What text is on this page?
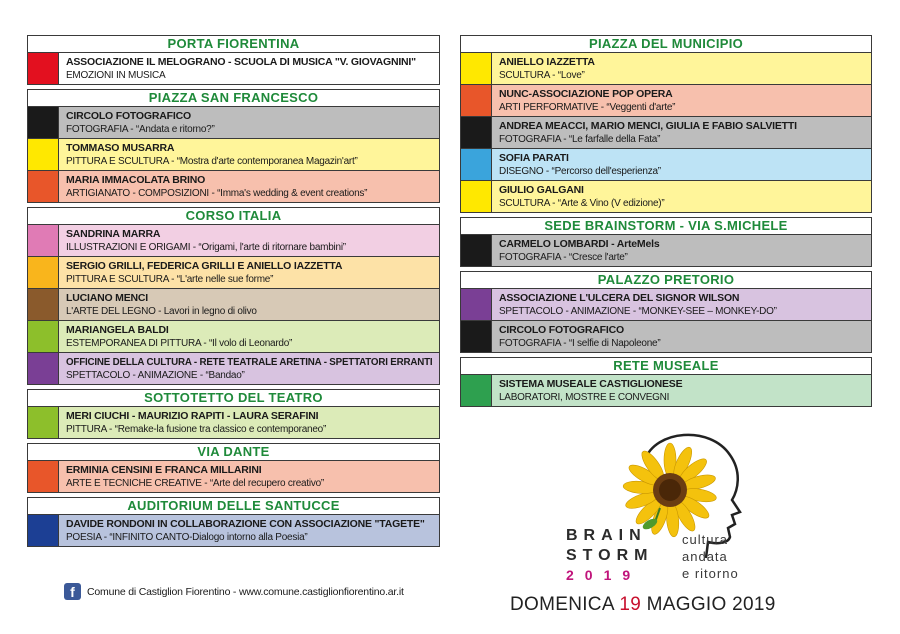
PORTA FIORENTINA
ASSOCIAZIONE IL MELOGRANO - SCUOLA DI MUSICA "V. GIOVAGNINI"
EMOZIONI IN MUSICA
PIAZZA SAN FRANCESCO
CIRCOLO FOTOGRAFICO
FOTOGRAFIA - “Andata e ritorno?”
TOMMASO MUSARRA
PITTURA E SCULTURA - “Mostra d'arte contemporanea Magazin'art”
MARIA IMMACOLATA BRINO
ARTIGIANATO - COMPOSIZIONI - “Imma's wedding & event creations”
CORSO ITALIA
SANDRINA MARRA
ILLUSTRAZIONI E ORIGAMI - “Origami, l'arte di ritornare bambini”
SERGIO GRILLI, FEDERICA GRILLI E ANIELLO IAZZETTA
PITTURA E SCULTURA - “L'arte nelle sue forme”
LUCIANO MENCI
L'ARTE DEL LEGNO - Lavori in legno di olivo
MARIANGELA BALDI
ESTEMPORANEA DI PITTURA - “Il volo di Leonardo”
OFFICINE DELLA CULTURA - RETE TEATRALE ARETINA - SPETTATORI ERRANTI
SPETTACOLO - ANIMAZIONE - “Bandao”
SOTTOTETTO DEL TEATRO
MERI CIUCHI - MAURIZIO RAPITI - LAURA SERAFINI
PITTURA - “Remake-la fusione tra classico e contemporaneo”
VIA DANTE
ERMINIA CENSINI E FRANCA MILLARINI
ARTE E TECNICHE CREATIVE - “Arte del recupero creativo”
AUDITORIUM DELLE SANTUCCE
DAVIDE RONDONI IN COLLABORAZIONE CON ASSOCIAZIONE "TAGETE"
POESIA - “INFINITO CANTO-Dialogo intorno alla Poesia”
PIAZZA DEL MUNICIPIO
ANIELLO IAZZETTA
SCULTURA - “Love”
NUNC-ASSOCIAZIONE POP OPERA
ARTI PERFORMATIVE - “Veggenti d'arte”
ANDREA MEACCI, MARIO MENCI, GIULIA E FABIO SALVIETTI
FOTOGRAFIA - “Le farfalle della Fata”
SOFIA PARATI
DISEGNO - “Percorso dell'esperienza”
GIULIO GALGANI
SCULTURA - “Arte & Vino (V edizione)”
SEDE BRAINSTORM - VIA S.MICHELE
CARMELO LOMBARDI - ArteMels
FOTOGRAFIA - “Cresce l'arte”
PALAZZO PRETORIO
ASSOCIAZIONE L'ULCERA DEL SIGNOR WILSON
SPETTACOLO - ANIMAZIONE - “MONKEY-SEE – MONKEY-DO”
CIRCOLO FOTOGRAFICO
FOTOGRAFIA - “I selfie di Napoleone”
RETE MUSEALE
SISTEMA MUSEALE CASTIGLIONESE
LABORATORI, MOSTRE E CONVEGNI
f	Comune di Castiglion Fiorentino - www.comune.castiglionfiorentino.ar.it
BRAIN
STORM
2019
cultura
andata
e ritorno
DOMENICA 19 MAGGIO 2019
